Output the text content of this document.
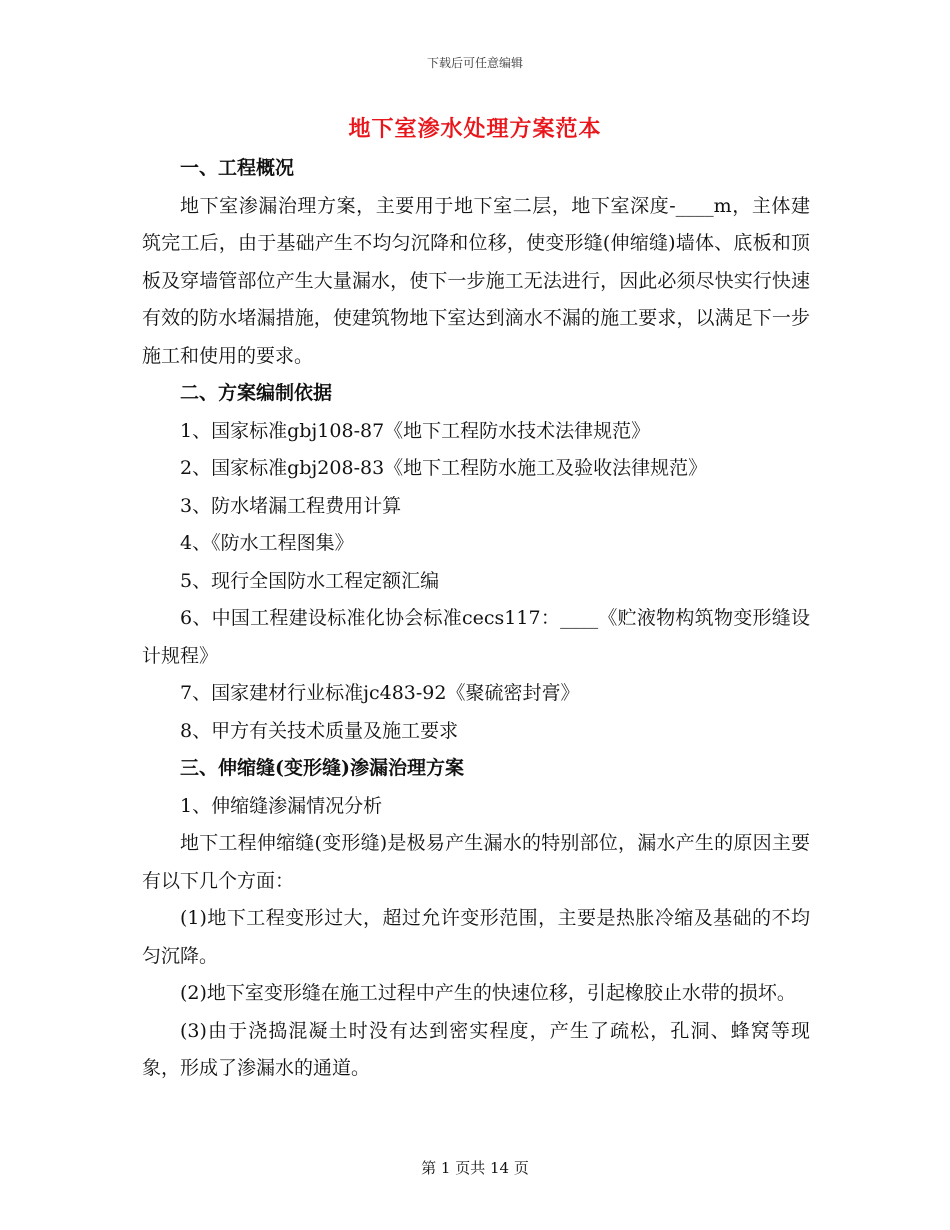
下载后可任意编辑
地下室渗水处理方案范本
一、工程概况
地下室渗漏治理方案，主要用于地下室二层，地下室深度-____m，主体建筑完工后，由于基础产生不均匀沉降和位移，使变形缝(伸缩缝)墙体、底板和顶板及穿墙管部位产生大量漏水，使下一步施工无法进行，因此必须尽快实行快速有效的防水堵漏措施，使建筑物地下室达到滴水不漏的施工要求，以满足下一步施工和使用的要求。
二、方案编制依据
1、国家标准gbj108-87《地下工程防水技术法律规范》
2、国家标准gbj208-83《地下工程防水施工及验收法律规范》
3、防水堵漏工程费用计算
4、《防水工程图集》
5、现行全国防水工程定额汇编
6、中国工程建设标准化协会标准cecs117：____《贮液物构筑物变形缝设计规程》
7、国家建材行业标准jc483-92《聚硫密封膏》
8、甲方有关技术质量及施工要求
三、伸缩缝(变形缝)渗漏治理方案
1、伸缩缝渗漏情况分析
地下工程伸缩缝(变形缝)是极易产生漏水的特别部位，漏水产生的原因主要有以下几个方面：
(1)地下工程变形过大，超过允许变形范围，主要是热胀冷缩及基础的不均匀沉降。
(2)地下室变形缝在施工过程中产生的快速位移，引起橡胶止水带的损坏。
(3)由于浇捣混凝土时没有达到密实程度，产生了疏松，孔洞、蜂窝等现象，形成了渗漏水的通道。
第 1 页共 14 页
